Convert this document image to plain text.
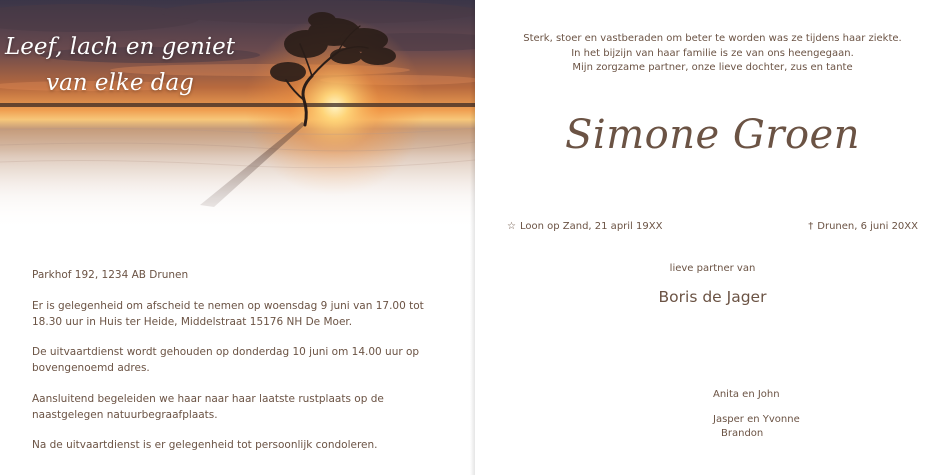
Leef, lach en geniet
van elke dag

Parkhof 192, 1234 AB Drunen

Er is gelegenheid om afscheid te nemen op woensdag 9 juni van 17.00 tot 18.30 uur in Huis ter Heide, Middelstraat 15176 NH De Moer.

De uitvaartdienst wordt gehouden op donderdag 10 juni om 14.00 uur op bovengenoemd adres.

Aansluitend begeleiden we haar naar haar laatste rustplaats op de naastgelegen natuurbegraafplaats.

Na de uitvaartdienst is er gelegenheid tot persoonlijk condoleren.

Sterk, stoer en vastberaden om beter te worden was ze tijdens haar ziekte.
In het bijzijn van haar familie is ze van ons heengegaan.
Mijn zorgzame partner, onze lieve dochter, zus en tante
Simone Groen
☆ Loon op Zand, 21 april 19XX	† Drunen, 6 juni 20XX
lieve partner van
Boris de Jager
Anita en John
Jasper en Yvonne
Brandon
